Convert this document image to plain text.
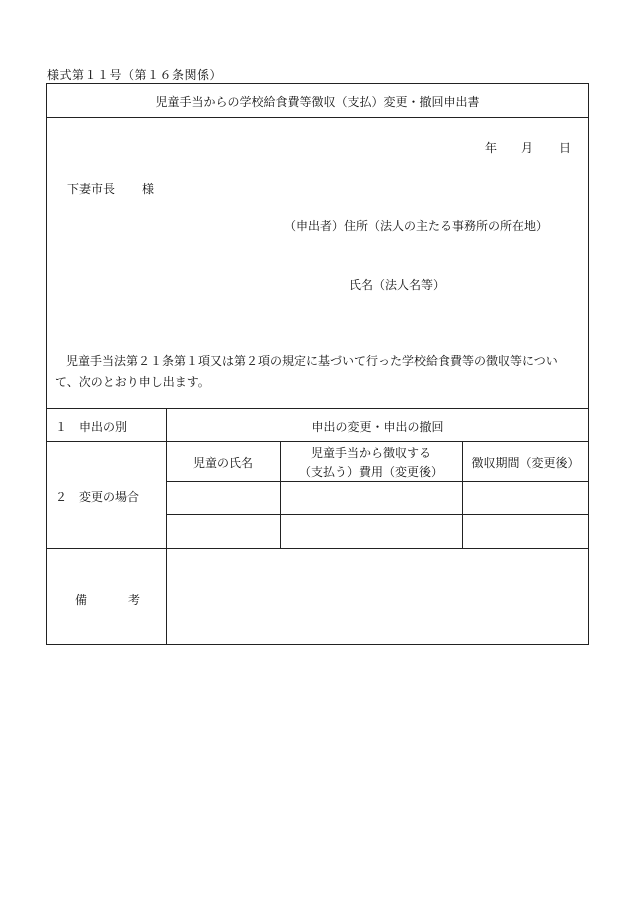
様式第１１号（第１６条関係）
児童手当からの学校給食費等徴収（支払）変更・撤回申出書
年 月 日
下妻市長 様
（申出者）住所（法人の主たる事務所の所在地）
氏名（法人名等）
児童手当法第２１条第１項又は第２項の規定に基づいて行った学校給食費等の徴収等につい
て、次のとおり申し出ます。
１　申出の別	申出の変更・申出の撤回
２　変更の場合
児童の氏名
児童手当から徴収する
（支払う）費用（変更後）
徴収期間（変更後）
備	考
